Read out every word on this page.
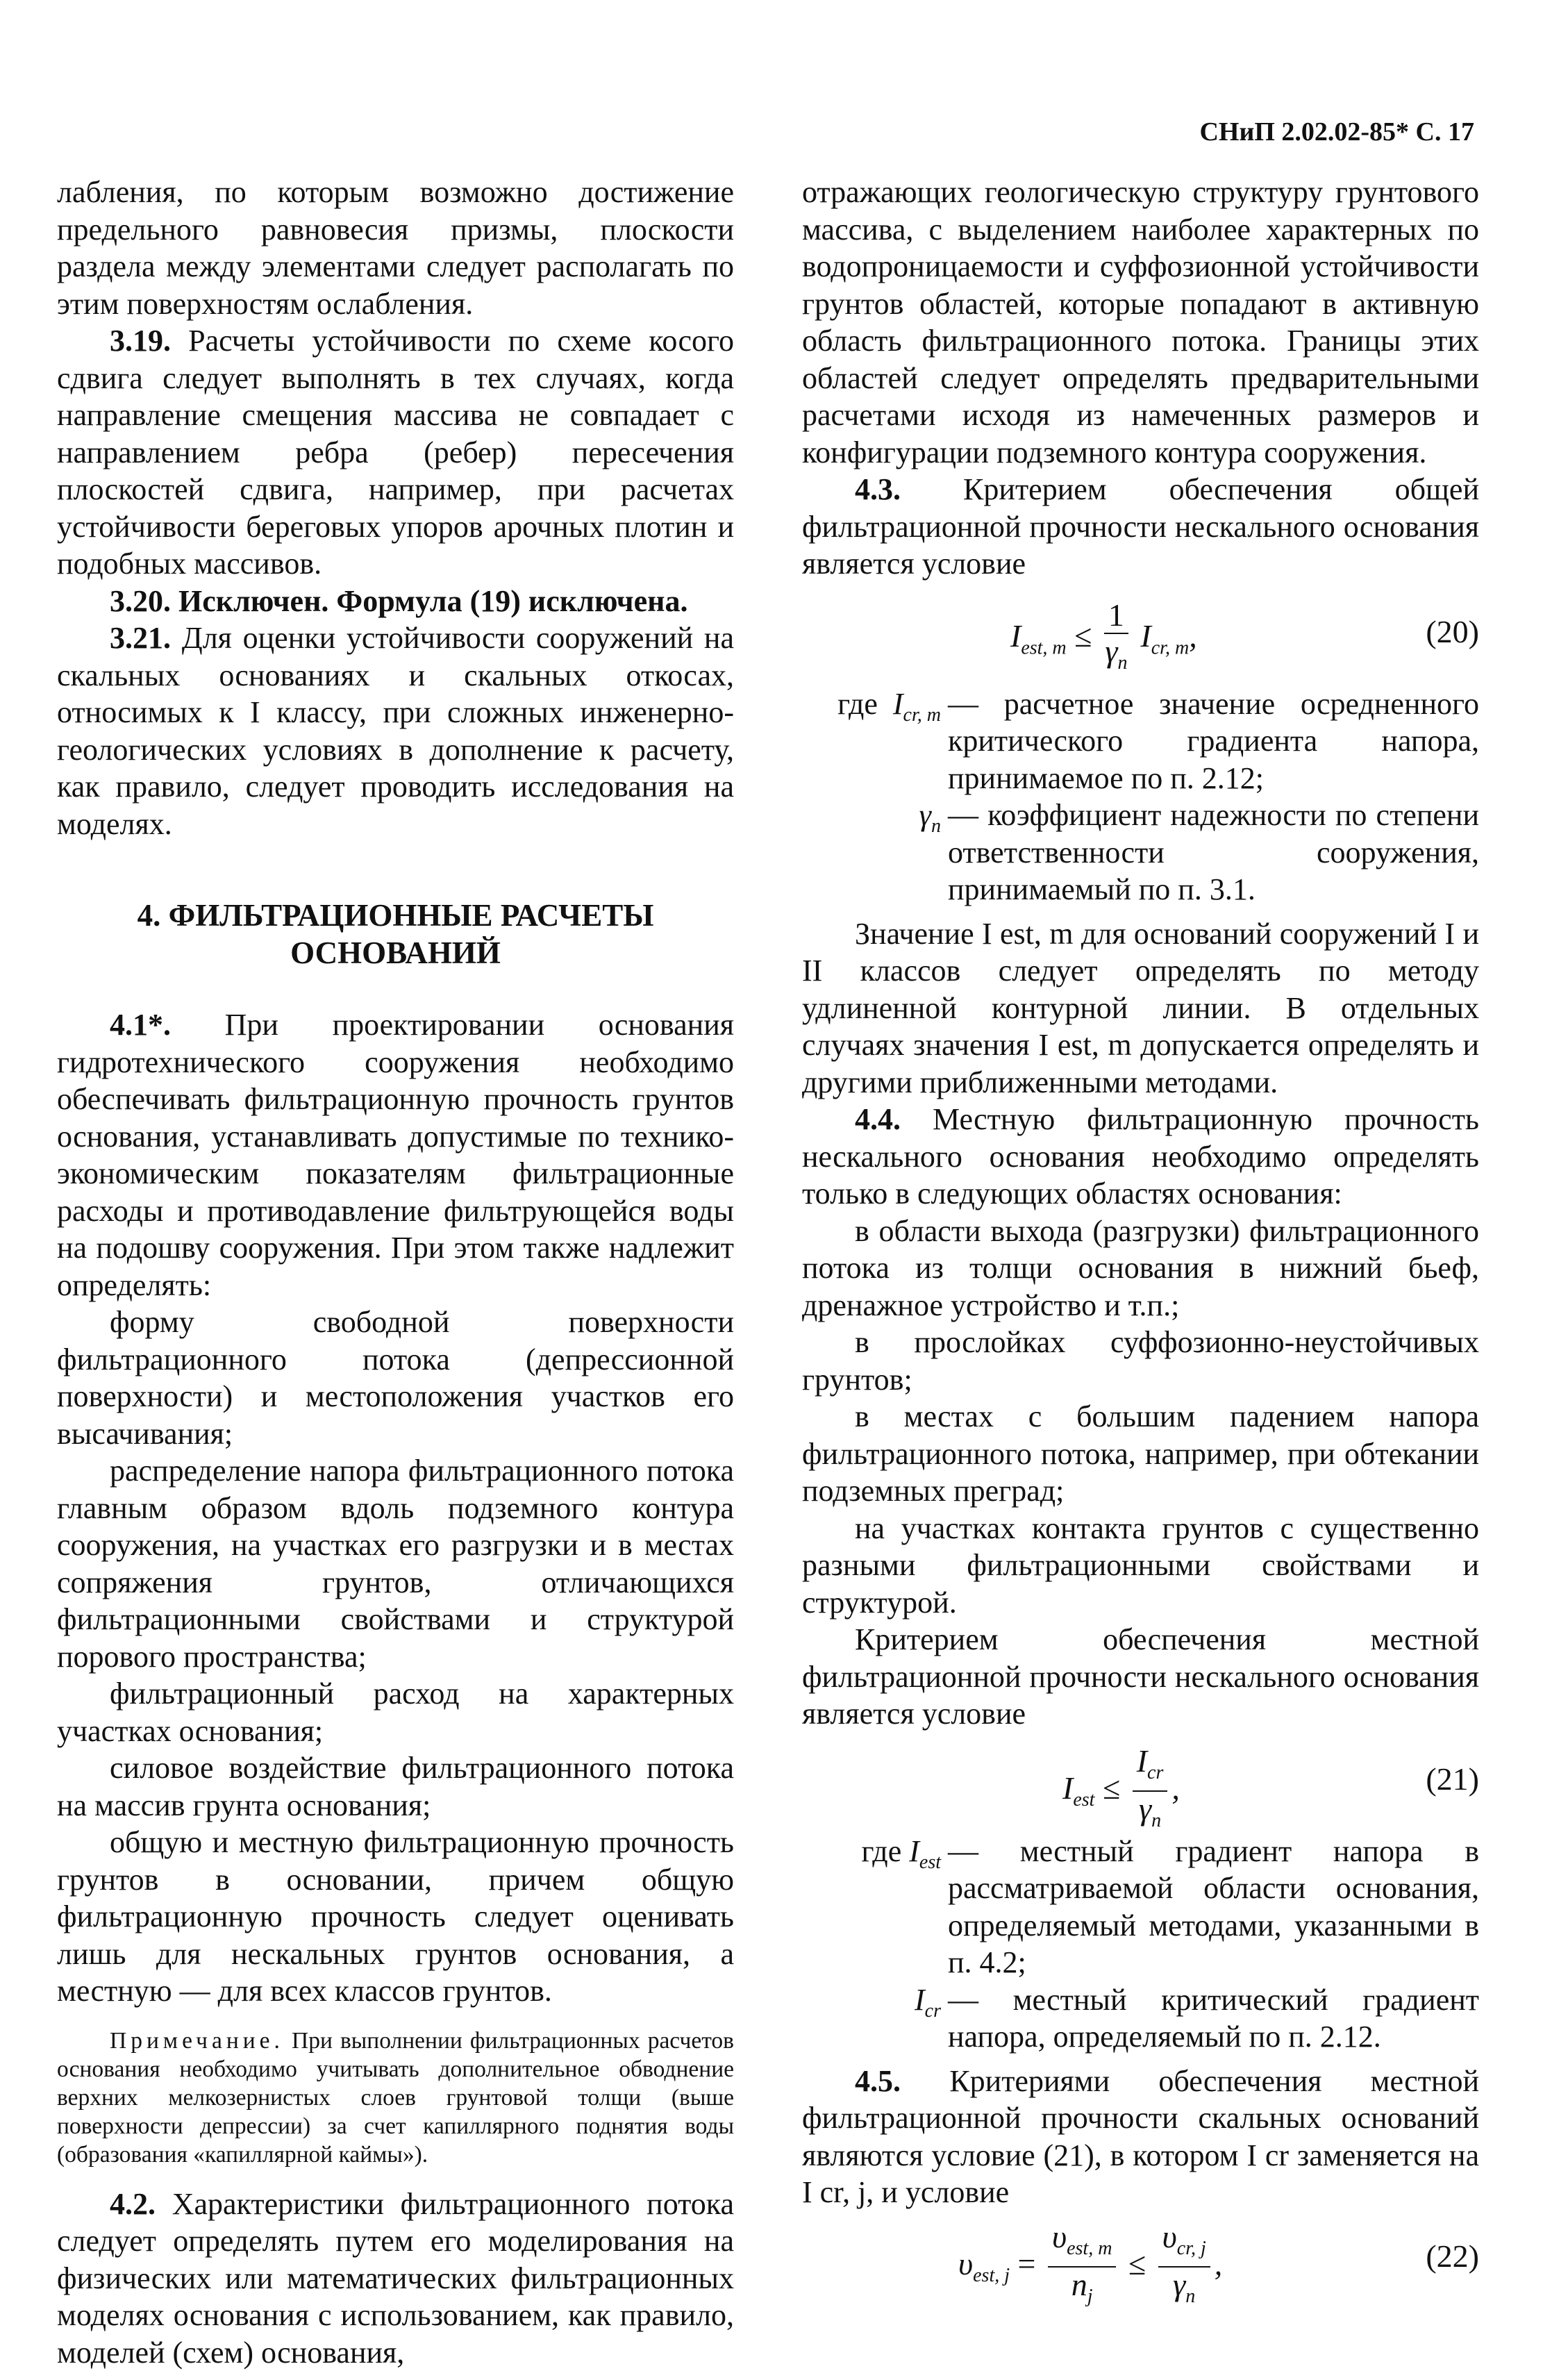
СНиП 2.02.02-85* С. 17

лабления, по которым возможно достижение предельного равновесия призмы, плоскости раздела между элементами следует располагать по этим поверхностям ослабления.

3.19. Расчеты устойчивости по схеме косого сдвига следует выполнять в тех случаях, когда направление смещения массива не совпадает с направлением ребра (ребер) пересечения плоскостей сдвига, например, при расчетах устойчивости береговых упоров арочных плотин и подобных массивов.

3.20. Исключен. Формула (19) исключена.

3.21. Для оценки устойчивости сооружений на скальных основаниях и скальных откосах, относимых к I классу, при сложных инженерно-геологических условиях в дополнение к расчету, как правило, следует проводить исследования на моделях.

4. ФИЛЬТРАЦИОННЫЕ РАСЧЕТЫ
ОСНОВАНИЙ

4.1*. При проектировании основания гидротехнического сооружения необходимо обеспечивать фильтрационную прочность грунтов основания, устанавливать допустимые по технико-экономическим показателям фильтрационные расходы и противодавление фильтрующейся воды на подошву сооружения. При этом также надлежит определять:

форму свободной поверхности фильтрационного потока (депрессионной поверхности) и местоположения участков его высачивания;

распределение напора фильтрационного потока главным образом вдоль подземного контура сооружения, на участках его разгрузки и в местах сопряжения грунтов, отличающихся фильтрационными свойствами и структурой порового пространства;

фильтрационный расход на характерных участках основания;

силовое воздействие фильтрационного потока на массив грунта основания;

общую и местную фильтрационную прочность грунтов в основании, причем общую фильтрационную прочность следует оценивать лишь для нескальных грунтов основания, а местную — для всех классов грунтов.

Примечание. При выполнении фильтрационных расчетов основания необходимо учитывать дополнительное обводнение верхних мелкозернистых слоев грунтовой толщи (выше поверхности депрессии) за счет капиллярного поднятия воды (образования «капиллярной каймы»).

4.2. Характеристики фильтрационного потока следует определять путем его моделирования на физических или математических фильтрационных моделях основания с использованием, как правило, моделей (схем) основания,

отражающих геологическую структуру грунтового массива, с выделением наиболее характерных по водопроницаемости и суффозионной устойчивости грунтов областей, которые попадают в активную область фильтрационного потока. Границы этих областей следует определять предварительными расчетами исходя из намеченных размеров и конфигурации подземного контура сооружения.

4.3. Критерием обеспечения общей фильтрационной прочности нескального основания является условие

$I_{est, m} \le \frac{1}{\gamma_n} I_{cr, m}$,	(20)
где $I_{cr, m}$ — расчетное значение осредненного критического градиента напора, принимаемое по п. 2.12;
$\gamma_n$ — коэффициент надежности по степени ответственности сооружения, принимаемый по п. 3.1.

Значение I est, m для оснований сооружений I и II классов следует определять по методу удлиненной контурной линии. В отдельных случаях значения I est, m допускается определять и другими приближенными методами.

4.4. Местную фильтрационную прочность нескального основания необходимо определять только в следующих областях основания:

в области выхода (разгрузки) фильтрационного потока из толщи основания в нижний бьеф, дренажное устройство и т.п.;

в прослойках суффозионно-неустойчивых грунтов;

в местах с большим падением напора фильтрационного потока, например, при обтекании подземных преград;

на участках контакта грунтов с существенно разными фильтрационными свойствами и структурой.

Критерием обеспечения местной фильтрационной прочности нескального основания является условие

$I_{est} \le \frac{I_{cr}}{\gamma_n}$ ,	(21)
где $I_{est}$ — местный градиент напора в рассматриваемой области основания, определяемый методами, указанными в п. 4.2;
$I_{cr}$ — местный критический градиент напора, определяемый по п. 2.12.

4.5. Критериями обеспечения местной фильтрационной прочности скальных оснований являются условие (21), в котором I cr заменяется на I cr, j, и условие

$\upsilon_{est, j} = \frac{\upsilon_{est, m}}{n_j} \le \frac{\upsilon_{cr, j}}{\gamma_n}$ ,	(22)
